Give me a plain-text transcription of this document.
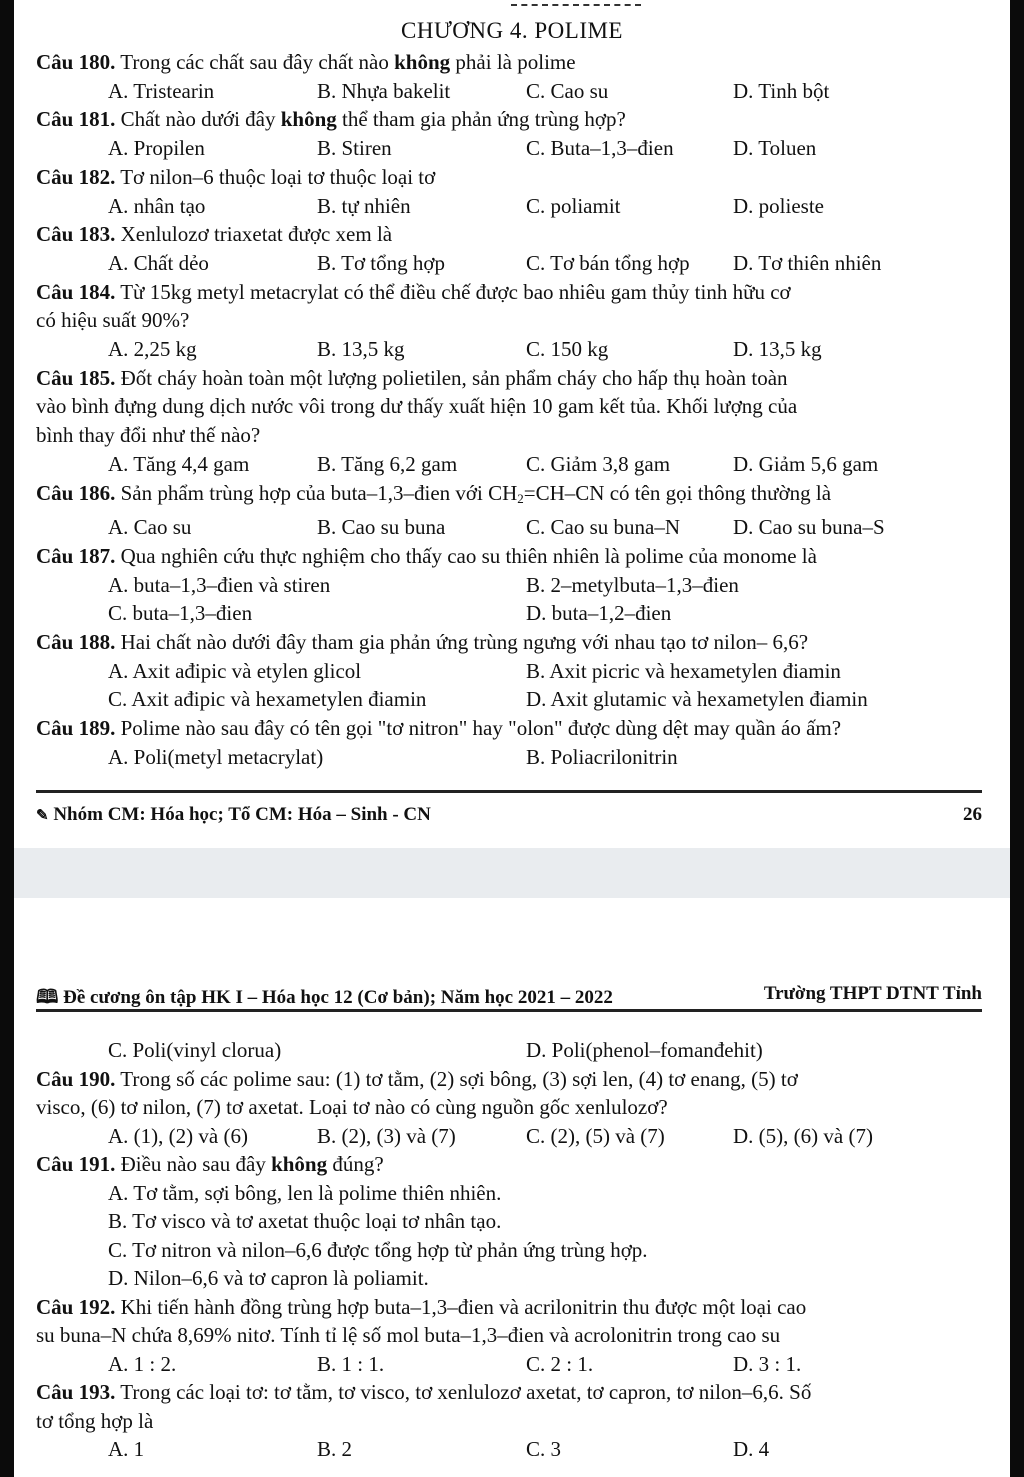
CHƯƠNG 4. POLIME

Câu 180. Trong các chất sau đây chất nào không phải là polime

A. Tristearin	B. Nhựa bakelit	C. Cao su	D. Tinh bột

Câu 181. Chất nào dưới đây không thể tham gia phản ứng trùng hợp?

A. Propilen	B. Stiren	C. Buta–1,3–đien	D. Toluen

Câu 182. Tơ nilon–6 thuộc loại tơ thuộc loại tơ

A. nhân tạo	B. tự nhiên	C. poliamit	D. polieste

Câu 183. Xenlulozơ triaxetat được xem là

A. Chất dẻo	B. Tơ tổng hợp	C. Tơ bán tổng hợp	D. Tơ thiên nhiên

Câu 184. Từ 15kg metyl metacrylat có thể điều chế được bao nhiêu gam thủy tinh hữu cơ

có hiệu suất 90%?

A. 2,25 kg	B. 13,5 kg	C. 150 kg	D. 13,5 kg

Câu 185. Đốt cháy hoàn toàn một lượng polietilen, sản phẩm cháy cho hấp thụ hoàn toàn

vào bình đựng dung dịch nước vôi trong dư thấy xuất hiện 10 gam kết tủa. Khối lượng của

bình thay đổi như thế nào?

A. Tăng 4,4 gam	B. Tăng 6,2 gam	C. Giảm 3,8 gam	D. Giảm 5,6 gam

Câu 186. Sản phẩm trùng hợp của buta–1,3–đien với $CH_2=CH-CN$ có tên gọi thông thường là

A. Cao su	B. Cao su buna	C. Cao su buna–N	D. Cao su buna–S

Câu 187. Qua nghiên cứu thực nghiệm cho thấy cao su thiên nhiên là polime của monome là

A. buta–1,3–đien và stiren	B. 2–metylbuta–1,3–đien
C. buta–1,3–đien	D. buta–1,2–đien

Câu 188. Hai chất nào dưới đây tham gia phản ứng trùng ngưng với nhau tạo tơ nilon– 6,6?

A. Axit ađipic và etylen glicol	B. Axit picric và hexametylen điamin
C. Axit ađipic và hexametylen điamin	D. Axit glutamic và hexametylen điamin

Câu 189. Polime nào sau đây có tên gọi "tơ nitron" hay "olon" được dùng dệt may quần áo ấm?

A. Poli(metyl metacrylat)	B. Poliacrilonitrin
✎ Nhóm CM: Hóa học; Tổ CM: Hóa – Sinh - CN	26
🕮 Đề cương ôn tập HK I – Hóa học 12 (Cơ bản); Năm học 2021 – 2022	Trường THPT DTNT Tỉnh
C. Poli(vinyl clorua)	D. Poli(phenol–fomanđehit)

Câu 190. Trong số các polime sau: (1) tơ tằm, (2) sợi bông, (3) sợi len, (4) tơ enang, (5) tơ

visco, (6) tơ nilon, (7) tơ axetat. Loại tơ nào có cùng nguồn gốc xenlulozơ?

A. (1), (2) và (6)	B. (2), (3) và (7)	C. (2), (5) và (7)	D. (5), (6) và (7)

Câu 191. Điều nào sau đây không đúng?

A. Tơ tằm, sợi bông, len là polime thiên nhiên.
B. Tơ visco và tơ axetat thuộc loại tơ nhân tạo.
C. Tơ nitron và nilon–6,6 được tổng hợp từ phản ứng trùng hợp.
D. Nilon–6,6 và tơ capron là poliamit.

Câu 192. Khi tiến hành đồng trùng hợp buta–1,3–đien và acrilonitrin thu được một loại cao

su buna–N chứa 8,69% nitơ. Tính tỉ lệ số mol buta–1,3–đien và acrolonitrin trong cao su

A. 1 : 2.	B. 1 : 1.	C. 2 : 1.	D. 3 : 1.

Câu 193. Trong các loại tơ: tơ tằm, tơ visco, tơ xenlulozơ axetat, tơ capron, tơ nilon–6,6. Số

tơ tổng hợp là

A. 1	B. 2	C. 3	D. 4
